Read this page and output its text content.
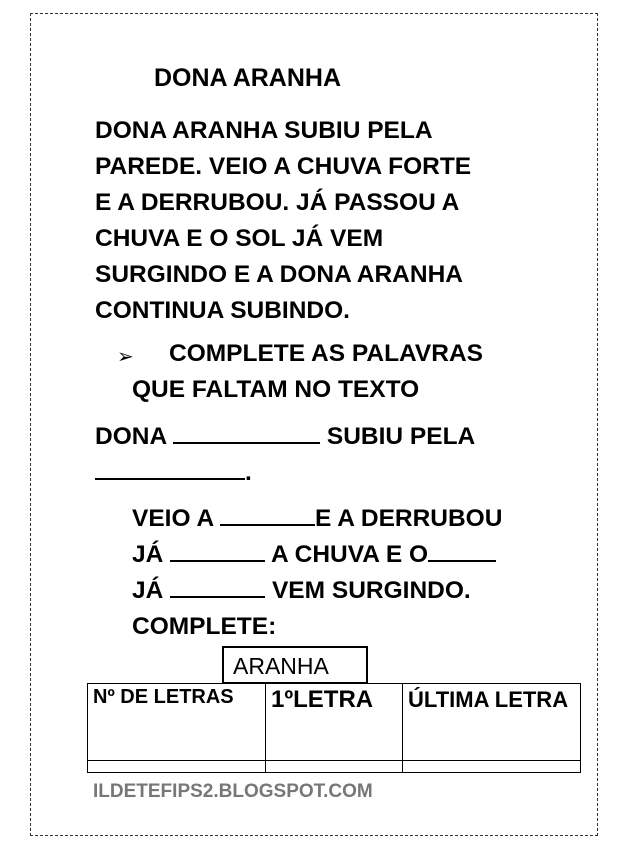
DONA ARANHA
DONA ARANHA SUBIU PELA
PAREDE. VEIO A CHUVA FORTE
E A DERRUBOU. JÁ PASSOU A
CHUVA E O SOL JÁ VEM
SURGINDO E A DONA ARANHA
CONTINUA SUBINDO.
➢ COMPLETE AS PALAVRAS
QUE FALTAM NO TEXTO
DONA	SUBIU PELA
.
VEIO A	E A DERRUBOU
JÁ	A CHUVA E O
JÁ	VEM SURGINDO.
COMPLETE:
ARANHA
Nº DE LETRAS	1ºLETRA	ÚLTIMA LETRA

ILDETEFIPS2.BLOGSPOT.COM
